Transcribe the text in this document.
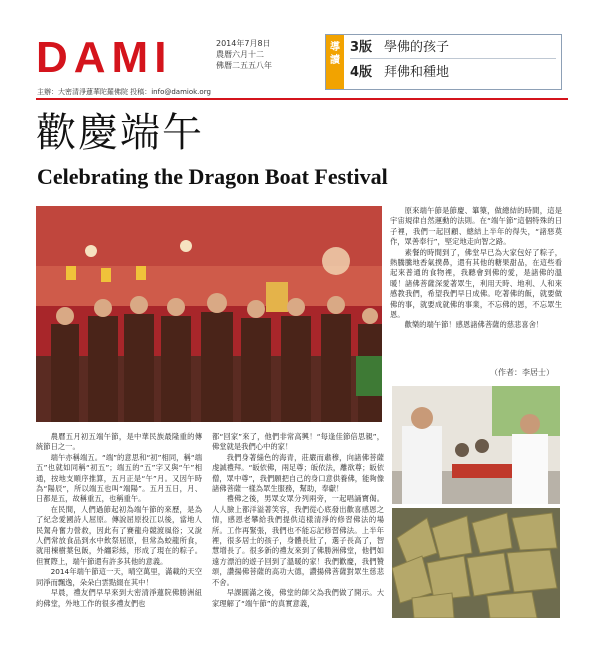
DAMI	2014年7月8日
農曆六月十二
佛曆二五五八年
主辦：大密清淨蓮華陀羅佛院 投稿：info@damiok.org
導讀
3版 學佛的孩子
4版 拜佛和種地
歡慶端午
Celebrating the Dragon Boat Festival

農曆五月初五端午節，是中華民族最隆重的傳統節日之一。

端午亦稱端五。“端”的意思和“初”相同，稱“端五”也就如同稱“初五”；端五的“五”字又與“午”相通，按地支順序推算，五月正是“午”月。又因午時為“陽辰”，所以端五也叫“端陽”。五月五日，月、日都是五，故稱重五，也稱重午。

在民間，人們過節起初為端午節的來歷，是為了紀念愛國詩人屈原。傳說屈原投江以後，當地人民駕舟奮力營救，因此有了賽龍舟競渡風俗；又說人們常放食品到水中飲祭屈原，但常為蛟龍所食，就用楝樹葉包飯，外纏彩絲，形成了現在的粽子。但實際上，端午節還有許多其他的意義。

2014年端午節這一天，晴空萬里，滿載的天空同淨而飄逸，朵朵白雲點綴在其中！

早晨，禮友們早早來到大密清淨蓮院佛勝洲紐約佛堂，外地工作的很多禮友們也

都“回家”來了，他們非常高興！“每逢佳節倍思親”，佛堂就是我們心中的家！

我們身著緇色的海青，莊嚴而肅穆，向諸佛菩薩虔誠禮拜。“皈依佛，兩足尊；皈依法，離欲尊；皈依僧，眾中尊”，我們願把自己的身口意供養佛，能夠像諸佛菩薩一樣為眾生服務，幫助，奉獻！

禮佛之後，男眾女眾分列兩旁，一起唱誦寶偈。人人臉上都洋溢著笑容，我們從心底發出歡喜感恩之情，感恩老攀給我們提供這樣清淨的修習佛法的場所。工作再緊張，我們也不能忘記修習佛法。上半年裡，很多居士的孩子，身體長壯了，選子長高了，智慧增長了。很多新的禮友來到了佛勝洲佛堂，他們如遠方漂泊的遊子回到了溫暖的家！我們歡慶，我們贊頌，讚揚佛菩薩的高功大德，讚揚佛菩薩對眾生慈悲不舍。

早課圓滿之後，佛堂的師父為我們做了開示。大家理解了“端午節”的真實意義，

原來端午節是節慶、篳篥，做總結的時間，這是宇宙規律自然運動的法則。在“端午節”這個特殊的日子裡，我們一起回顧、總結上半年的得失，“諸惡莫作，眾善奉行”，堅定地走向智之路。

素餐的時間到了，佛堂早已為大家包好了粽子，熱騰騰地香氣撲鼻，還有其他的糖果甜品，在這些看起來普通的食物裡，我聽會到佛的愛，是諸佛的溫暖！諸佛菩薩深愛著眾生，利用天時、地利、人和來感教我們，希望我們早日成佛。吃著佛的飯，就要做佛的事，就要成就佛的事業，不忘佛的恩，不忘眾生恩。

歡樂的端午節！感恩諸佛菩薩的慈悲喜舍！

（作者：李居士）
